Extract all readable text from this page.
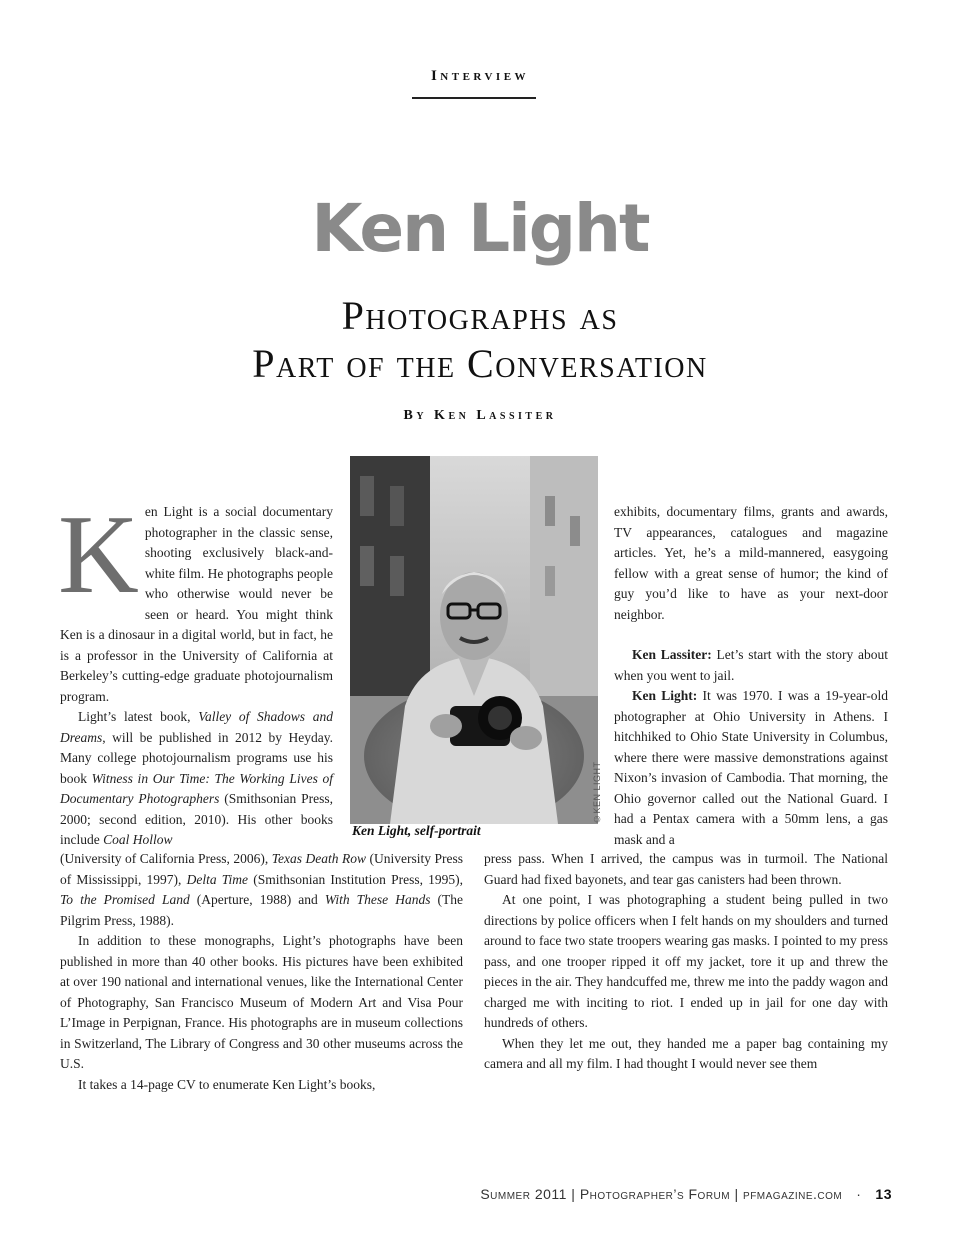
Interview
Ken Light
Photographs as
Part of the Conversation
By Ken Lassiter

Ken Light is a social documentary photographer in the classic sense, shooting exclusively black-and-white film. He photographs people who otherwise would never be seen or heard. You might think Ken is a dinosaur in a digital world, but in fact, he is a professor in the University of California at Berkeley’s cutting-edge graduate photojournalism program.

Light’s latest book, Valley of Shadows and Dreams, will be published in 2012 by Heyday. Many college photojournalism programs use his book Witness in Our Time: The Working Lives of Documentary Photographers (Smithsonian Press, 2000; second edition, 2010). His other books include Coal Hollow

©KEN LIGHT
Ken Light, self-portrait

exhibits, documentary films, grants and awards, TV appearances, catalogues and magazine articles. Yet, he’s a mild-mannered, easygoing fellow with a great sense of humor; the kind of guy you’d like to have as your next-door neighbor.

Ken Lassiter: Let’s start with the story about when you went to jail.

Ken Light: It was 1970. I was a 19-year-old photographer at Ohio University in Athens. I hitchhiked to Ohio State University in Columbus, where there were massive demonstrations against Nixon’s invasion of Cambodia. That morning, the Ohio governor called out the National Guard. I had a Pentax camera with a 50mm lens, a gas mask and a

(University of California Press, 2006), Texas Death Row (University Press of Mississippi, 1997), Delta Time (Smithsonian Institution Press, 1995), To the Promised Land (Aperture, 1988) and With These Hands (The Pilgrim Press, 1988).

In addition to these monographs, Light’s photographs have been published in more than 40 other books. His pictures have been exhibited at over 190 national and international venues, like the International Center of Photography, San Francisco Museum of Modern Art and Visa Pour L’Image in Perpignan, France. His photographs are in museum collections in Switzerland, The Library of Congress and 30 other museums across the U.S.

It takes a 14-page CV to enumerate Ken Light’s books,

press pass. When I arrived, the campus was in turmoil. The National Guard had fixed bayonets, and tear gas canisters had been thrown.

At one point, I was photographing a student being pulled in two directions by police officers when I felt hands on my shoulders and turned around to face two state troopers wearing gas masks. I pointed to my press pass, and one trooper ripped it off my jacket, tore it up and threw the pieces in the air. They handcuffed me, threw me into the paddy wagon and charged me with inciting to riot. I ended up in jail for one day with hundreds of others.

When they let me out, they handed me a paper bag containing my camera and all my film. I had thought I would never see them

Summer 2011 | Photographer’s Forum | pfmagazine.com · 13
